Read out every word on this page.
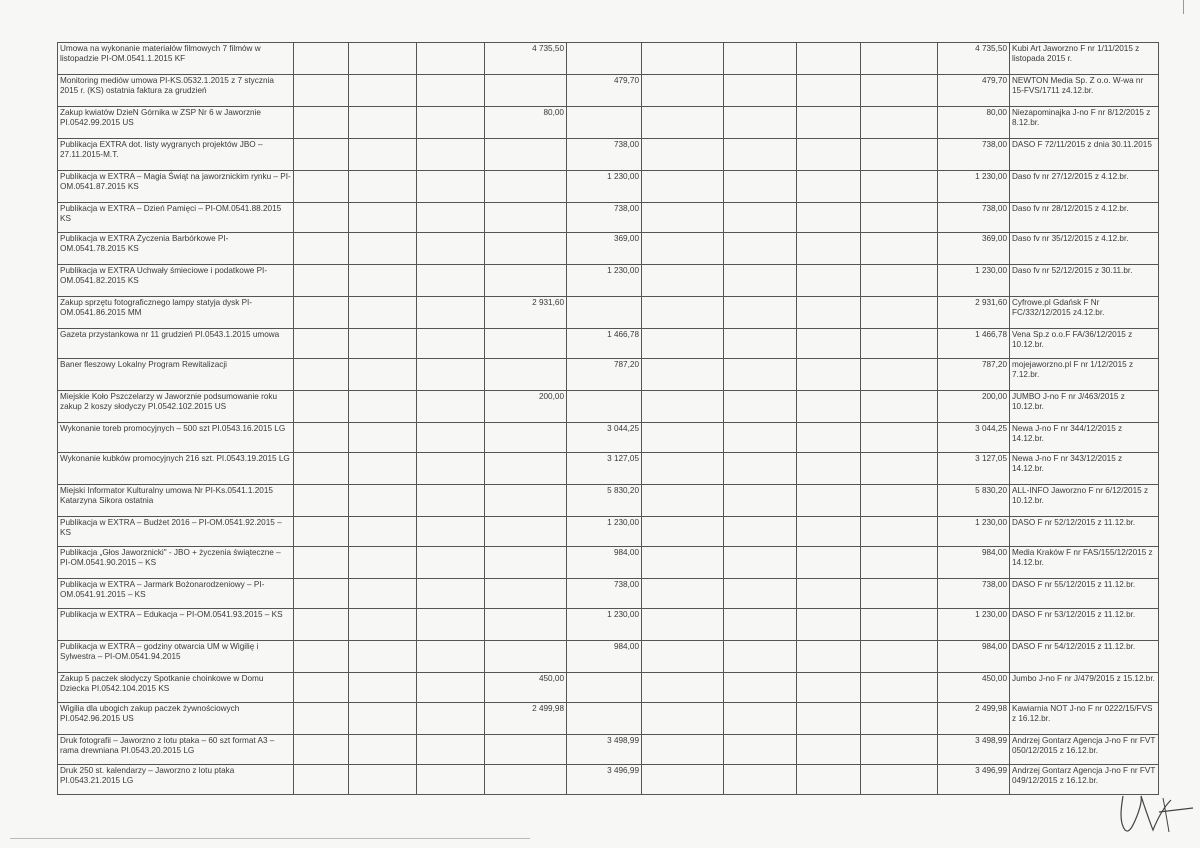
Umowa na wykonanie materiałów filmowych 7 filmów w listopadzie PI-OM.0541.1.2015 KF				4 735,50						4 735,50	Kubi Art Jaworzno F nr 1/11/2015 z listopada 2015 r.
Monitoring mediów umowa PI-KS.0532.1.2015 z 7 stycznia 2015 r. (KS) ostatnia faktura za grudzień					479,70					479,70	NEWTON Media Sp. Z o.o. W-wa nr 15-FVS/1711 z4.12.br.
Zakup kwiatów DzieN Górnika w ZSP Nr 6 w Jaworznie PI.0542.99.2015 US				80,00						80,00	Niezapominajka J-no F nr 8/12/2015 z 8.12.br.
Publikacja EXTRA dot. listy wygranych projektów JBO – 27.11.2015-M.T.					738,00					738,00	DASO F 72/11/2015 z dnia 30.11.2015
Publikacja w EXTRA – Magia Świąt na jaworznickim rynku – PI-OM.0541.87.2015 KS					1 230,00					1 230,00	Daso fv nr 27/12/2015 z 4.12.br.
Publikacja w EXTRA – Dzień Pamięci – PI-OM.0541.88.2015 KS					738,00					738,00	Daso fv nr 28/12/2015 z 4.12.br.
Publikacja w EXTRA Życzenia Barbórkowe PI-OM.0541.78.2015 KS					369,00					369,00	Daso fv nr 35/12/2015 z 4.12.br.
Publikacja w EXTRA Uchwały śmieciowe i podatkowe PI-OM.0541.82.2015 KS					1 230,00					1 230,00	Daso fv nr 52/12/2015 z 30.11.br.
Zakup sprzętu fotograficznego lampy statyja dysk PI-OM.0541.86.2015 MM				2 931,60						2 931,60	Cyfrowe.pl Gdańsk F Nr FC/332/12/2015 z4.12.br.
Gazeta przystankowa nr 11 grudzień PI.0543.1.2015 umowa					1 466,78					1 466,78	Vena Sp.z o.o.F FA/36/12/2015 z 10.12.br.
Baner fleszowy Lokalny Program Rewitalizacji					787,20					787,20	mojejaworzno.pl F nr 1/12/2015 z 7.12.br.
Miejskie Koło Pszczelarzy w Jaworznie podsumowanie roku zakup 2 koszy słodyczy PI.0542.102.2015 US				200,00						200,00	JUMBO J-no F nr J/463/2015 z 10.12.br.
Wykonanie toreb promocyjnych – 500 szt PI.0543.16.2015 LG					3 044,25					3 044,25	Newa J-no F nr 344/12/2015 z 14.12.br.
Wykonanie kubków promocyjnych 216 szt. PI.0543.19.2015 LG					3 127,05					3 127,05	Newa J-no F nr 343/12/2015 z 14.12.br.
Miejski Informator Kulturalny umowa Nr PI-Ks.0541.1.2015 Katarzyna Sikora ostatnia					5 830,20					5 830,20	ALL-INFO Jaworzno F nr 6/12/2015 z 10.12.br.
Publikacja w EXTRA – Budżet 2016 – PI-OM.0541.92.2015 – KS					1 230,00					1 230,00	DASO F nr 52/12/2015 z 11.12.br.
Publikacja „Głos Jaworznicki" - JBO + życzenia świąteczne – PI-OM.0541.90.2015 – KS					984,00					984,00	Media Kraków F nr FAS/155/12/2015 z 14.12.br.
Publikacja w EXTRA – Jarmark Bożonarodzeniowy – PI-OM.0541.91.2015 – KS					738,00					738,00	DASO F nr 55/12/2015 z 11.12.br.
Publikacja w EXTRA – Edukacja – PI-OM.0541.93.2015 – KS					1 230,00					1 230,00	DASO F nr 53/12/2015 z 11.12.br.
Publikacja w EXTRA – godziny otwarcia UM w Wigilię i Sylwestra – PI-OM.0541.94.2015					984,00					984,00	DASO F nr 54/12/2015 z 11.12.br.
Zakup 5 paczek słodyczy Spotkanie choinkowe w Domu Dziecka PI.0542.104.2015 KS				450,00						450,00	Jumbo J-no F nr J/479/2015 z 15.12.br.
Wigilia dla ubogich zakup paczek żywnościowych PI.0542.96.2015 US				2 499,98						2 499,98	Kawiarnia NOT J-no F nr 0222/15/FVS z 16.12.br.
Druk fotografii – Jaworzno z lotu ptaka – 60 szt format A3 – rama drewniana PI.0543.20.2015 LG					3 498,99					3 498,99	Andrzej Gontarz Agencja J-no F nr FVT 050/12/2015 z 16.12.br.
Druk 250 st. kalendarzy – Jaworzno z lotu ptaka PI.0543.21.2015 LG					3 496,99					3 496,99	Andrzej Gontarz Agencja J-no F nr FVT 049/12/2015 z 16.12.br.
